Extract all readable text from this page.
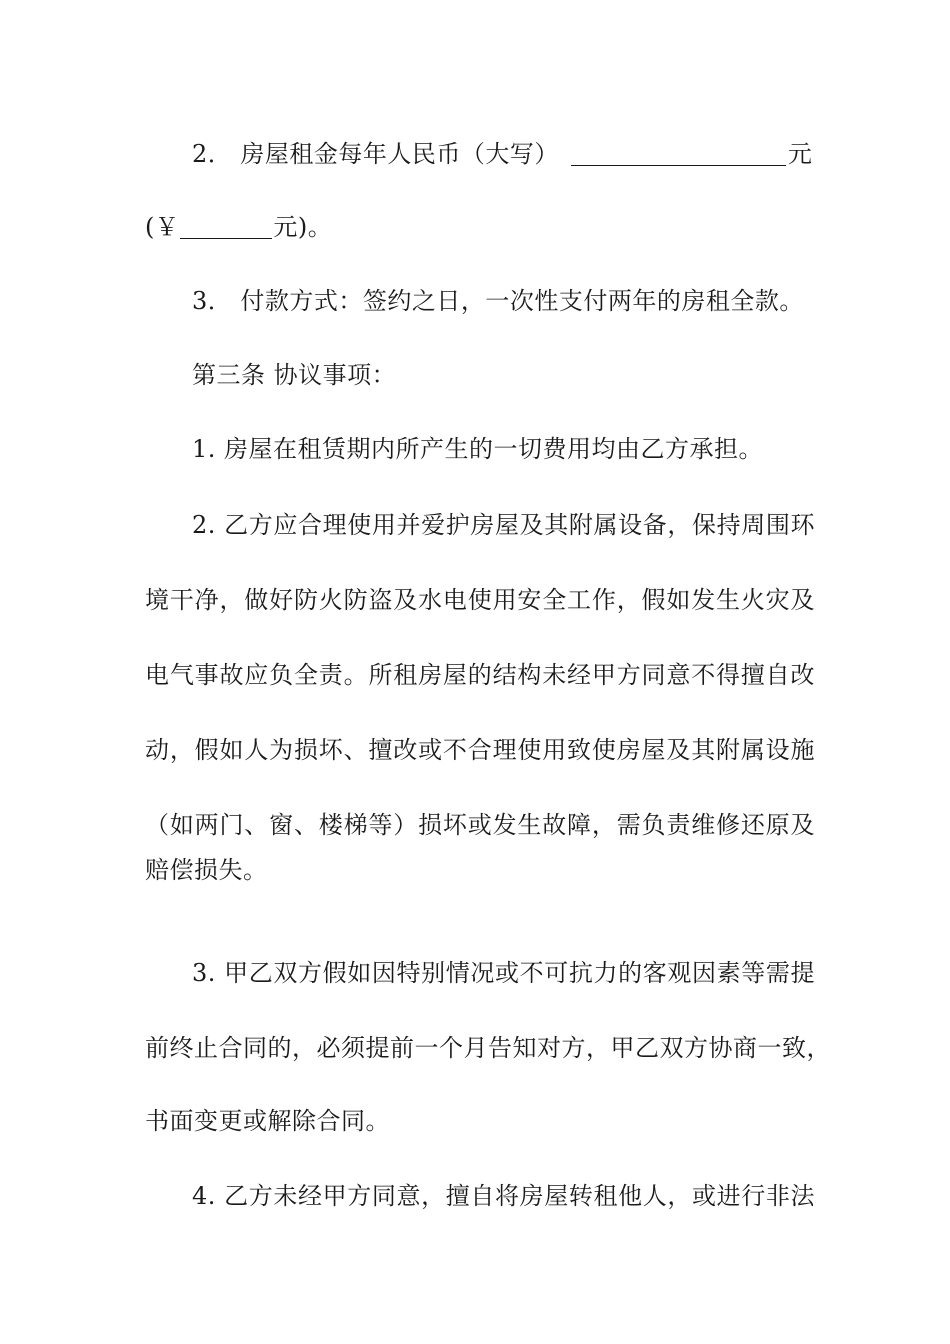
2． 房屋租金每年人民币（大写）	元
(￥	元)。
3． 付款方式：签约之日，一次性支付两年的房租全款。
第三条 协议事项：
1. 房屋在租赁期内所产生的一切费用均由乙方承担。
2. 乙方应合理使用并爱护房屋及其附属设备，保持周围环
境干净，做好防火防盗及水电使用安全工作，假如发生火灾及
电气事故应负全责。所租房屋的结构未经甲方同意不得擅自改
动，假如人为损坏、擅改或不合理使用致使房屋及其附属设施
（如两门、窗、楼梯等）损坏或发生故障，需负责维修还原及
赔偿损失。
3. 甲乙双方假如因特别情况或不可抗力的客观因素等需提
前终止合同的，必须提前一个月告知对方，甲乙双方协商一致，
书面变更或解除合同。
4. 乙方未经甲方同意，擅自将房屋转租他人，或进行非法
